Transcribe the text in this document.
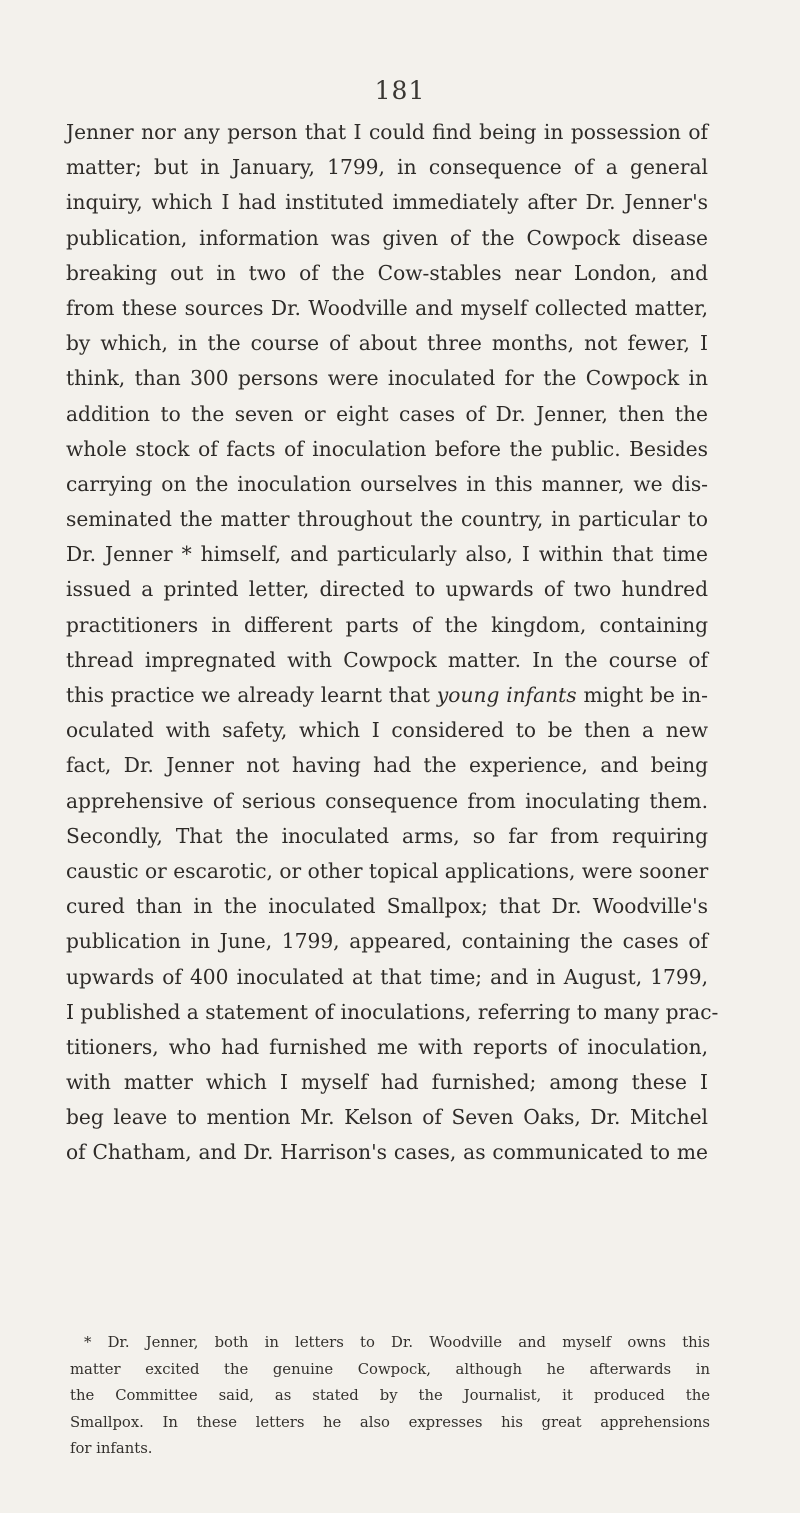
181
Jenner nor any person that I could find being in possession of
matter; but in January, 1799, in consequence of a general
inquiry, which I had instituted immediately after Dr. Jenner's
publication, information was given of the Cowpock disease
breaking out in two of the Cow-stables near London, and
from these sources Dr. Woodville and myself collected matter,
by which, in the course of about three months, not fewer, I
think, than 300 persons were inoculated for the Cowpock in
addition to the seven or eight cases of Dr. Jenner, then the
whole stock of facts of inoculation before the public. Besides
carrying on the inoculation ourselves in this manner, we dis-
seminated the matter throughout the country, in particular to
Dr. Jenner * himself, and particularly also, I within that time
issued a printed letter, directed to upwards of two hundred
practitioners in different parts of the kingdom, containing
thread impregnated with Cowpock matter. In the course of
this practice we already learnt that young infants might be in-
oculated with safety, which I considered to be then a new
fact, Dr. Jenner not having had the experience, and being
apprehensive of serious consequence from inoculating them.
Secondly, That the inoculated arms, so far from requiring
caustic or escarotic, or other topical applications, were sooner
cured than in the inoculated Smallpox; that Dr. Woodville's
publication in June, 1799, appeared, containing the cases of
upwards of 400 inoculated at that time; and in August, 1799,
I published a statement of inoculations, referring to many prac-
titioners, who had furnished me with reports of inoculation,
with matter which I myself had furnished; among these I
beg leave to mention Mr. Kelson of Seven Oaks, Dr. Mitchel
of Chatham, and Dr. Harrison's cases, as communicated to me
* Dr. Jenner, both in letters to Dr. Woodville and myself owns this
matter excited the genuine Cowpock, although he afterwards in
the Committee said, as stated by the Journalist, it produced the
Smallpox. In these letters he also expresses his great apprehensions
for infants.
